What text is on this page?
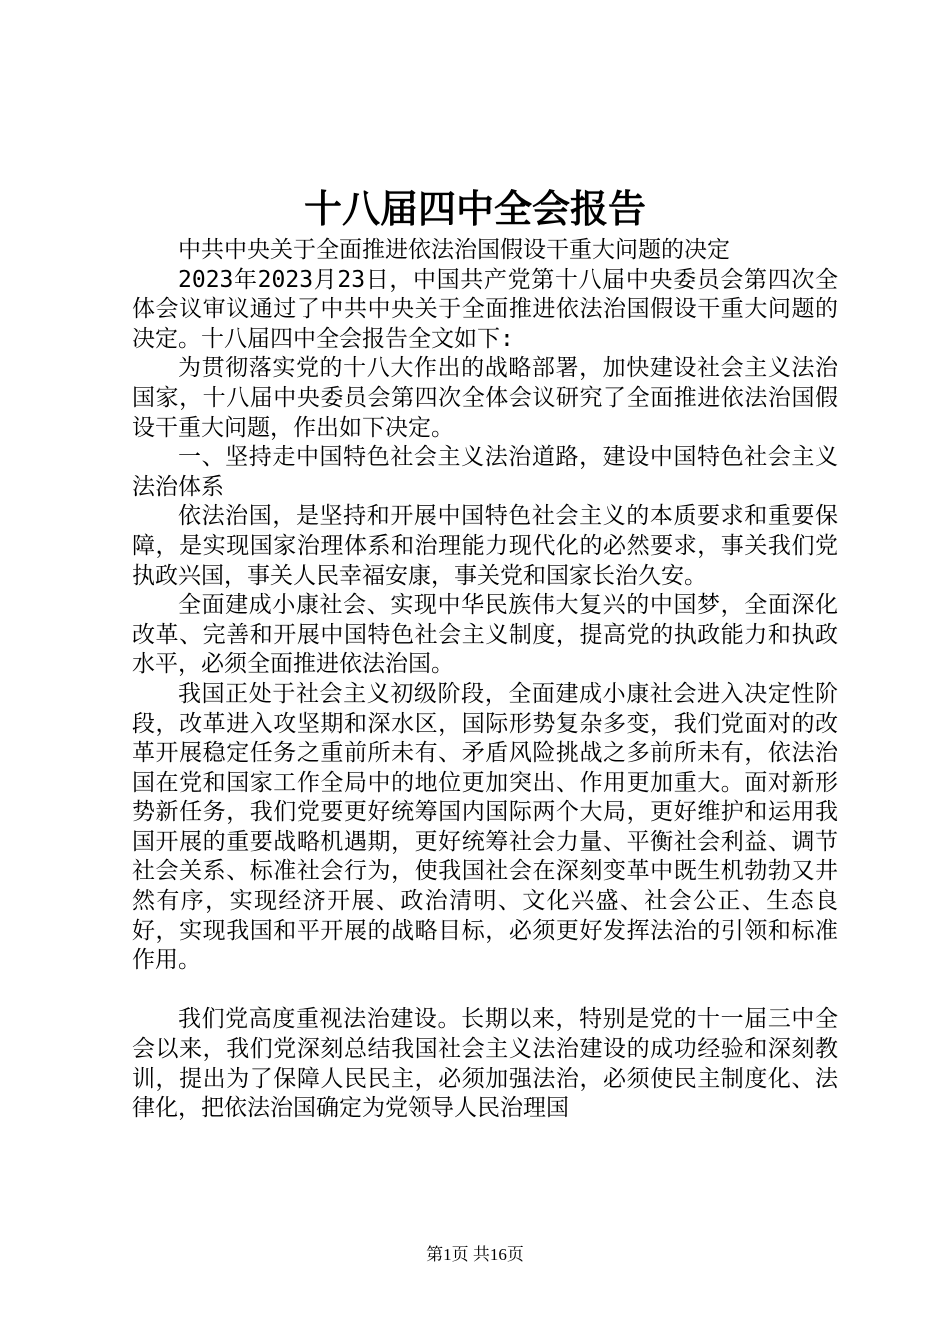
十八届四中全会报告

中共中央关于全面推进依法治国假设干重大问题的决定

2023年2023月23日，中国共产党第十八届中央委员会第四次全体会议审议通过了中共中央关于全面推进依法治国假设干重大问题的决定。十八届四中全会报告全文如下:

为贯彻落实党的十八大作出的战略部署，加快建设社会主义法治国家，十八届中央委员会第四次全体会议研究了全面推进依法治国假设干重大问题，作出如下决定。

一、坚持走中国特色社会主义法治道路，建设中国特色社会主义法治体系

依法治国，是坚持和开展中国特色社会主义的本质要求和重要保障，是实现国家治理体系和治理能力现代化的必然要求，事关我们党执政兴国，事关人民幸福安康，事关党和国家长治久安。

全面建成小康社会、实现中华民族伟大复兴的中国梦，全面深化改革、完善和开展中国特色社会主义制度，提高党的执政能力和执政水平，必须全面推进依法治国。

我国正处于社会主义初级阶段，全面建成小康社会进入决定性阶段，改革进入攻坚期和深水区，国际形势复杂多变，我们党面对的改革开展稳定任务之重前所未有、矛盾风险挑战之多前所未有，依法治国在党和国家工作全局中的地位更加突出、作用更加重大。面对新形势新任务，我们党要更好统筹国内国际两个大局，更好维护和运用我国开展的重要战略机遇期，更好统筹社会力量、平衡社会利益、调节社会关系、标准社会行为，使我国社会在深刻变革中既生机勃勃又井然有序，实现经济开展、政治清明、文化兴盛、社会公正、生态良好，实现我国和平开展的战略目标，必须更好发挥法治的引领和标准作用。

我们党高度重视法治建设。长期以来，特别是党的十一届三中全会以来，我们党深刻总结我国社会主义法治建设的成功经验和深刻教训，提出为了保障人民民主，必须加强法治，必须使民主制度化、法律化，把依法治国确定为党领导人民治理国

第1页 共16页
